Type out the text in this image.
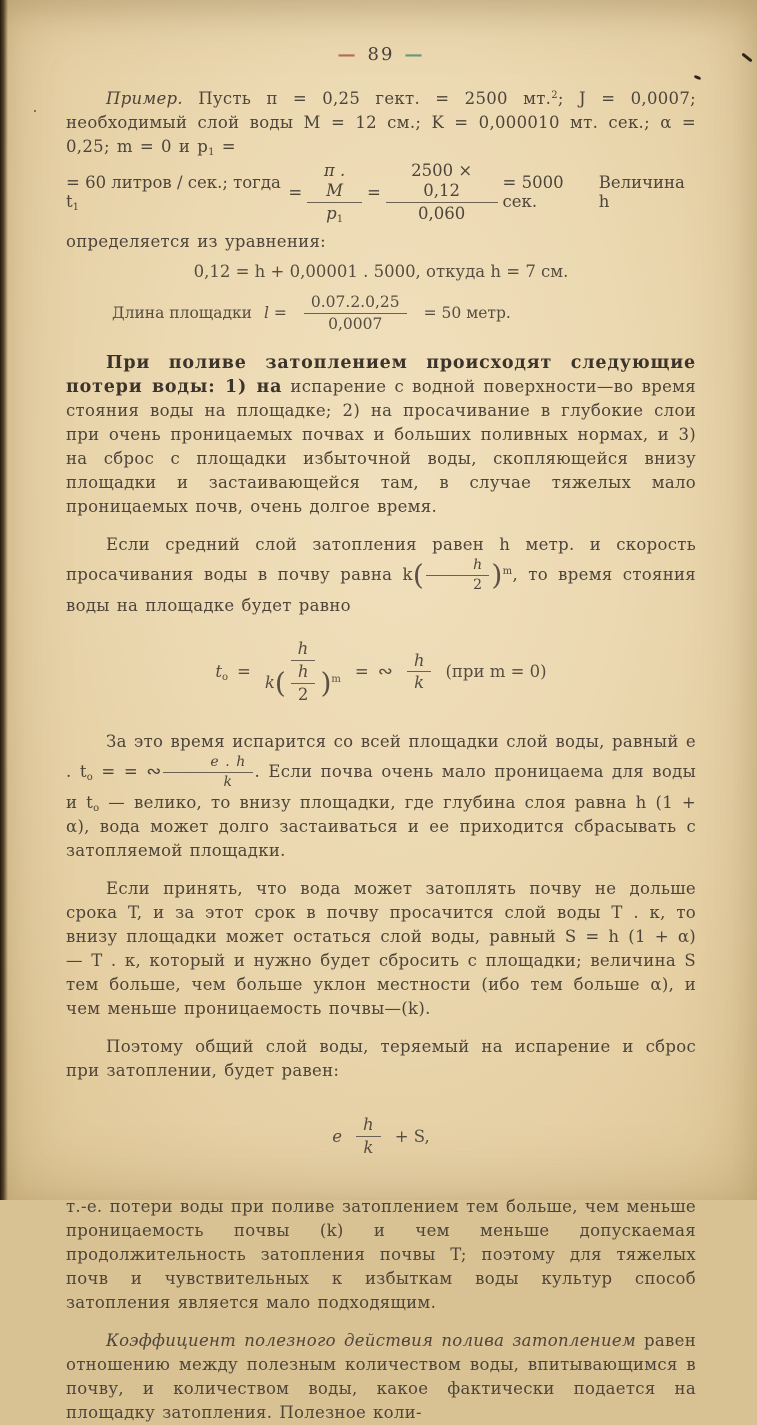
— 89 —

Пример. Пусть π = 0,25 гект. = 2500 мт.$^2$; J = 0,0007; необходимый слой воды M = 12 см.; K = 0,000010 мт. сек.; α = 0,25; m = 0 и $p_1$ =

= 60 литров / сек.; тогда $t_1$
= $\frac{\pi . M}{p_1} = \frac{2500 \times 0,12}{0,060} = 5000$ сек.
Величина h

определяется из уравнения:

0,12 = h + 0,00001 . 5000, откуда h = 7 см.
Длина площадки $l = \frac{0.07.2.0,25}{0,0007} = 50$ метр.

При поливе затоплением происходят следующие потери воды: 1) на испарение с водной поверхности—во время стояния воды на площадке; 2) на просачивание в глубокие слои при очень проницаемых почвах и больших поливных нормах, и 3) на сброс с площадки избыточной воды, скопляющейся внизу площадки и застаивающейся там, в случае тяжелых мало проницаемых почв, очень долгое время.

Если средний слой затопления равен h метр. и скорость просачивания воды в почву равна $k( \frac{h}{2} )^m$, то время стояния воды на площадке будет равно

$t_o = \frac{h}{k( \frac{h}{2} )^m}$ = ∾ $\frac{h}{k} (при$ m = 0)

За это время испарится со всей площадки слой воды, равный e . $t_o$ = = ∾ $\frac{e . h}{k}$ . Если почва очень мало проницаема для воды и $t_o$ — велико, то внизу площадки, где глубина слоя равна h (1 + α), вода может долго застаиваться и ее приходится сбрасывать с затопляемой площадки.

Если принять, что вода может затоплять почву не дольше срока T, и за этот срок в почву просачится слой воды T . к, то внизу площадки может остаться слой воды, равный S = h (1 + α) — T . к, который и нужно будет сбросить с площадки; величина S тем больше, чем больше уклон местности (ибо тем больше α), и чем меньше проницаемость почвы—(k).

Поэтому общий слой воды, теряемый на испарение и сброс при затоплении, будет равен:

e $\frac{h}{k} + S$,

т.-е. потери воды при поливе затоплением тем больше, чем меньше проницаемость почвы (k) и чем меньше допускаемая продолжительность затопления почвы T; поэтому для тяжелых почв и чувствительных к избыткам воды культур способ затопления является мало подходящим.

Коэффициент полезного действия полива затоплением равен отношению между полезным количеством воды, впитывающимся в почву, и количеством воды, какое фактически подается на площадку затопления. Полезное коли-
